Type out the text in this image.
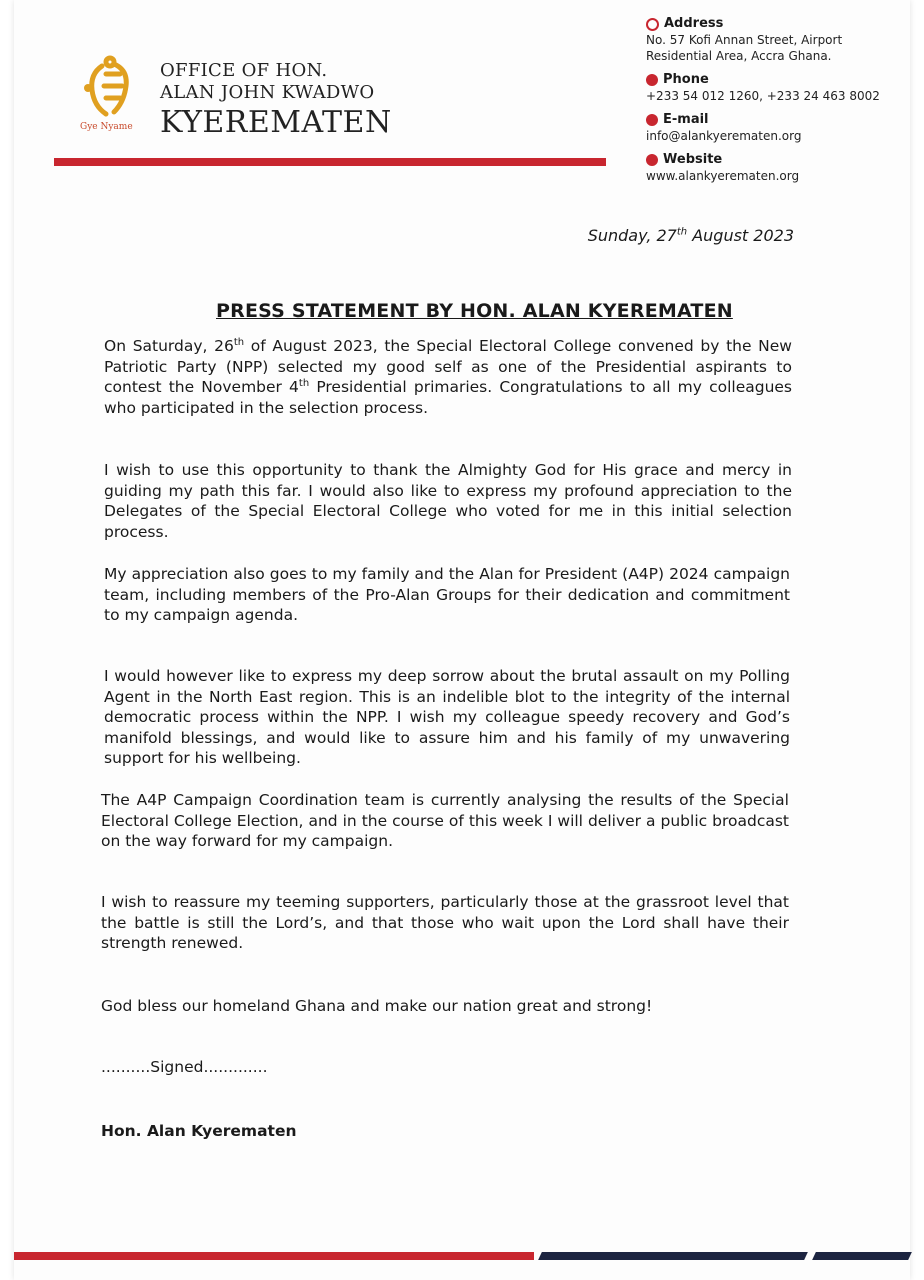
Gye Nyame
OFFICE OF HON.
ALAN JOHN KWADWO
KYEREMATEN
Address
No. 57 Kofi Annan Street, Airport Residential Area, Accra Ghana.
Phone
+233 54 012 1260, +233 24 463 8002
E-mail
info@alankyerematen.org
Website
www.alankyerematen.org
Sunday, 27th August 2023
PRESS STATEMENT BY HON. ALAN KYEREMATEN
On Saturday, 26th of August 2023, the Special Electoral College convened by the New Patriotic Party (NPP) selected my good self as one of the Presidential aspirants to contest the November 4th Presidential primaries. Congratulations to all my colleagues who participated in the selection process.
I wish to use this opportunity to thank the Almighty God for His grace and mercy in guiding my path this far. I would also like to express my profound appreciation to the Delegates of the Special Electoral College who voted for me in this initial selection process.
My appreciation also goes to my family and the Alan for President (A4P) 2024 campaign team, including members of the Pro-Alan Groups for their dedication and commitment to my campaign agenda.
I would however like to express my deep sorrow about the brutal assault on my Polling Agent in the North East region. This is an indelible blot to the integrity of the internal democratic process within the NPP. I wish my colleague speedy recovery and God’s manifold blessings, and would like to assure him and his family of my unwavering support for his wellbeing.
The A4P Campaign Coordination team is currently analysing the results of the Special Electoral College Election, and in the course of this week I will deliver a public broadcast on the way forward for my campaign.
I wish to reassure my teeming supporters, particularly those at the grassroot level that the battle is still the Lord’s, and that those who wait upon the Lord shall have their strength renewed.
God bless our homeland Ghana and make our nation great and strong!
..........Signed.............
Hon. Alan Kyerematen
